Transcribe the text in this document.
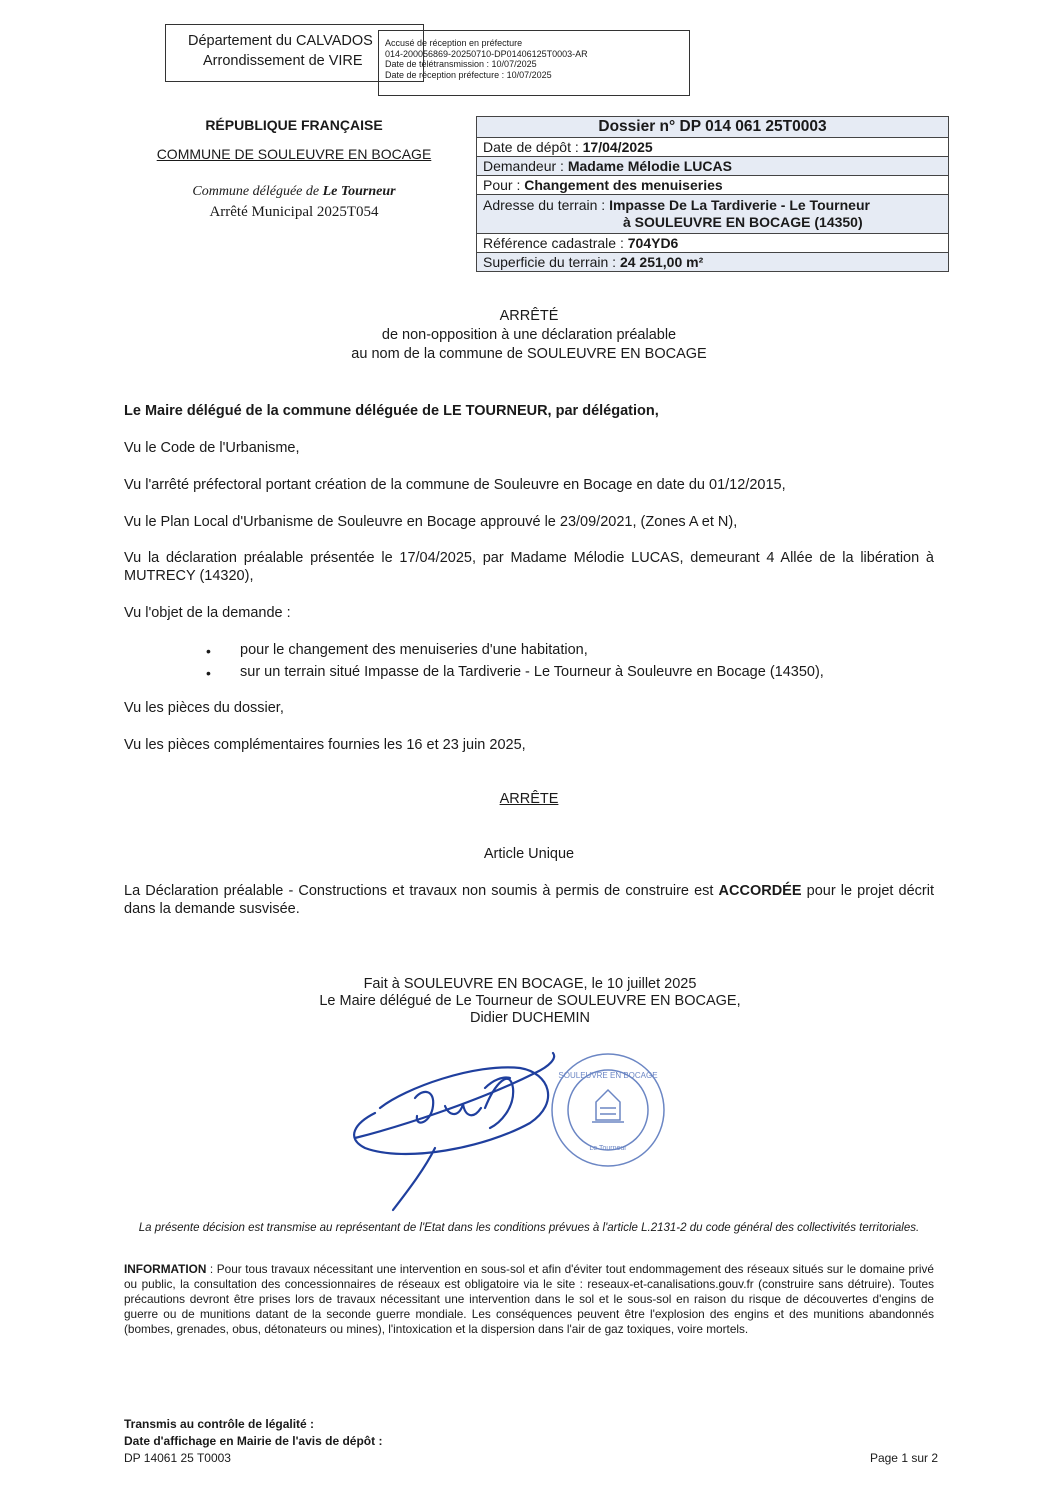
Département du CALVADOS
Arrondissement de VIRE
Accusé de réception en préfecture
014-200056869-20250710-DP01406125T0003-AR
Date de télétransmission : 10/07/2025
Date de réception préfecture : 10/07/2025
RÉPUBLIQUE FRANÇAISE
COMMUNE DE SOULEUVRE EN BOCAGE
Commune déléguée de Le Tourneur
Arrêté Municipal 2025T054
Dossier n° DP 014 061 25T0003
Date de dépôt : 17/04/2025
Demandeur : Madame Mélodie LUCAS
Pour : Changement des menuiseries
Adresse du terrain : Impasse De La Tardiverie - Le Tourneur
à SOULEUVRE EN BOCAGE (14350)
Référence cadastrale : 704YD6
Superficie du terrain : 24 251,00 m²
ARRÊTÉ
de non-opposition à une déclaration préalable
au nom de la commune de SOULEUVRE EN BOCAGE
Le Maire délégué de la commune déléguée de LE TOURNEUR, par délégation,
Vu le Code de l'Urbanisme,
Vu l'arrêté préfectoral portant création de la commune de Souleuvre en Bocage en date du 01/12/2015,
Vu le Plan Local d'Urbanisme de Souleuvre en Bocage approuvé le 23/09/2021, (Zones A et N),
Vu la déclaration préalable présentée le 17/04/2025, par Madame Mélodie LUCAS, demeurant 4 Allée de la libération à MUTRECY (14320),
Vu l'objet de la demande :
• pour le changement des menuiseries d'une habitation,
• sur un terrain situé Impasse de la Tardiverie - Le Tourneur à Souleuvre en Bocage (14350),
Vu les pièces du dossier,
Vu les pièces complémentaires fournies les 16 et 23 juin 2025,
ARRÊTE
Article Unique
La Déclaration préalable - Constructions et travaux non soumis à permis de construire est ACCORDÉE pour le projet décrit dans la demande susvisée.
Fait à SOULEUVRE EN BOCAGE, le 10 juillet 2025
Le Maire délégué de Le Tourneur de SOULEUVRE EN BOCAGE,
Didier DUCHEMIN
SOULEUVRE EN BOCAGE
Le Tourneur
La présente décision est transmise au représentant de l'Etat dans les conditions prévues à l'article L.2131-2 du code général des collectivités territoriales.
INFORMATION : Pour tous travaux nécessitant une intervention en sous-sol et afin d'éviter tout endommagement des réseaux situés sur le domaine privé ou public, la consultation des concessionnaires de réseaux est obligatoire via le site : reseaux-et-canalisations.gouv.fr (construire sans détruire). Toutes précautions devront être prises lors de travaux nécessitant une intervention dans le sol et le sous-sol en raison du risque de découvertes d'engins de guerre ou de munitions datant de la seconde guerre mondiale. Les conséquences peuvent être l'explosion des engins et des munitions abandonnés (bombes, grenades, obus, détonateurs ou mines), l'intoxication et la dispersion dans l'air de gaz toxiques, voire mortels.
Transmis au contrôle de légalité :
Date d'affichage en Mairie de l'avis de dépôt :
DP 14061 25 T0003	Page 1 sur 2
